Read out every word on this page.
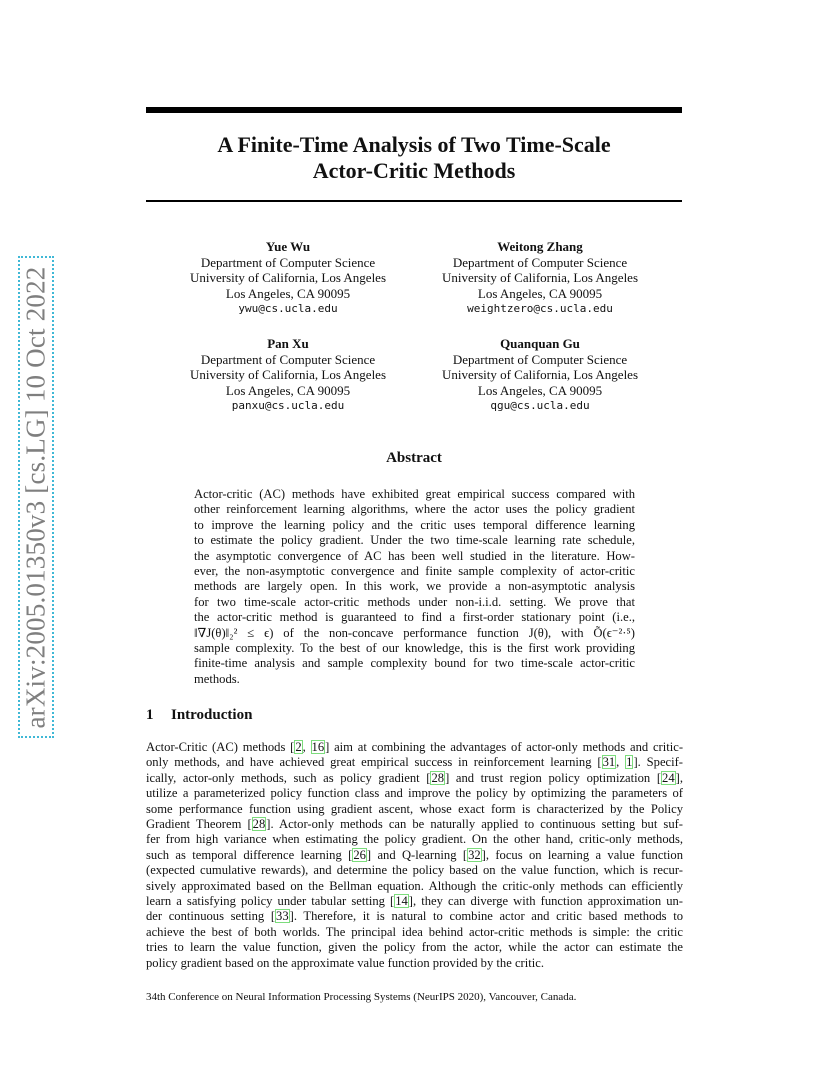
arXiv:2005.01350v3 [cs.LG] 10 Oct 2022
A Finite-Time Analysis of Two Time-Scale
Actor-Critic Methods
Yue Wu
Department of Computer Science
University of California, Los Angeles
Los Angeles, CA 90095
ywu@cs.ucla.edu
Weitong Zhang
Department of Computer Science
University of California, Los Angeles
Los Angeles, CA 90095
weightzero@cs.ucla.edu
Pan Xu
Department of Computer Science
University of California, Los Angeles
Los Angeles, CA 90095
panxu@cs.ucla.edu
Quanquan Gu
Department of Computer Science
University of California, Los Angeles
Los Angeles, CA 90095
qgu@cs.ucla.edu
Abstract
Actor-critic (AC) methods have exhibited great empirical success compared with
other reinforcement learning algorithms, where the actor uses the policy gradient
to improve the learning policy and the critic uses temporal difference learning
to estimate the policy gradient. Under the two time-scale learning rate schedule,
the asymptotic convergence of AC has been well studied in the literature. How-
ever, the non-asymptotic convergence and finite sample complexity of actor-critic
methods are largely open. In this work, we provide a non-asymptotic analysis
for two time-scale actor-critic methods under non-i.i.d. setting. We prove that
the actor-critic method is guaranteed to find a first-order stationary point (i.e.,
‖∇J(θ)‖₂² ≤ ϵ) of the non-concave performance function J(θ), with Õ(ϵ⁻²·⁵)
sample complexity. To the best of our knowledge, this is the first work providing
finite-time analysis and sample complexity bound for two time-scale actor-critic
methods.
1 Introduction
Actor-Critic (AC) methods [2, 16] aim at combining the advantages of actor-only methods and critic-
only methods, and have achieved great empirical success in reinforcement learning [31, 1]. Specif-
ically, actor-only methods, such as policy gradient [28] and trust region policy optimization [24],
utilize a parameterized policy function class and improve the policy by optimizing the parameters of
some performance function using gradient ascent, whose exact form is characterized by the Policy
Gradient Theorem [28]. Actor-only methods can be naturally applied to continuous setting but suf-
fer from high variance when estimating the policy gradient. On the other hand, critic-only methods,
such as temporal difference learning [26] and Q-learning [32], focus on learning a value function
(expected cumulative rewards), and determine the policy based on the value function, which is recur-
sively approximated based on the Bellman equation. Although the critic-only methods can efficiently
learn a satisfying policy under tabular setting [14], they can diverge with function approximation un-
der continuous setting [33]. Therefore, it is natural to combine actor and critic based methods to
achieve the best of both worlds. The principal idea behind actor-critic methods is simple: the critic
tries to learn the value function, given the policy from the actor, while the actor can estimate the
policy gradient based on the approximate value function provided by the critic.
34th Conference on Neural Information Processing Systems (NeurIPS 2020), Vancouver, Canada.
